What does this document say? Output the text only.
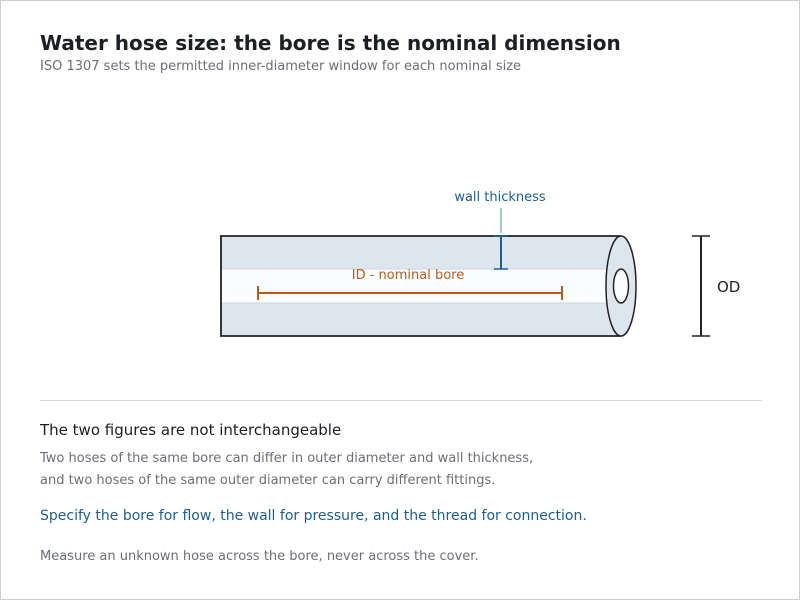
Water hose size: the bore is the nominal dimension

ISO 1307 sets the permitted inner-diameter window for each nominal size

wall thickness
ID - nominal bore
OD
The two figures are not interchangeable

Two hoses of the same bore can differ in outer diameter and wall thickness,

and two hoses of the same outer diameter can carry different fittings.

Specify the bore for flow, the wall for pressure, and the thread for connection.

Measure an unknown hose across the bore, never across the cover.
